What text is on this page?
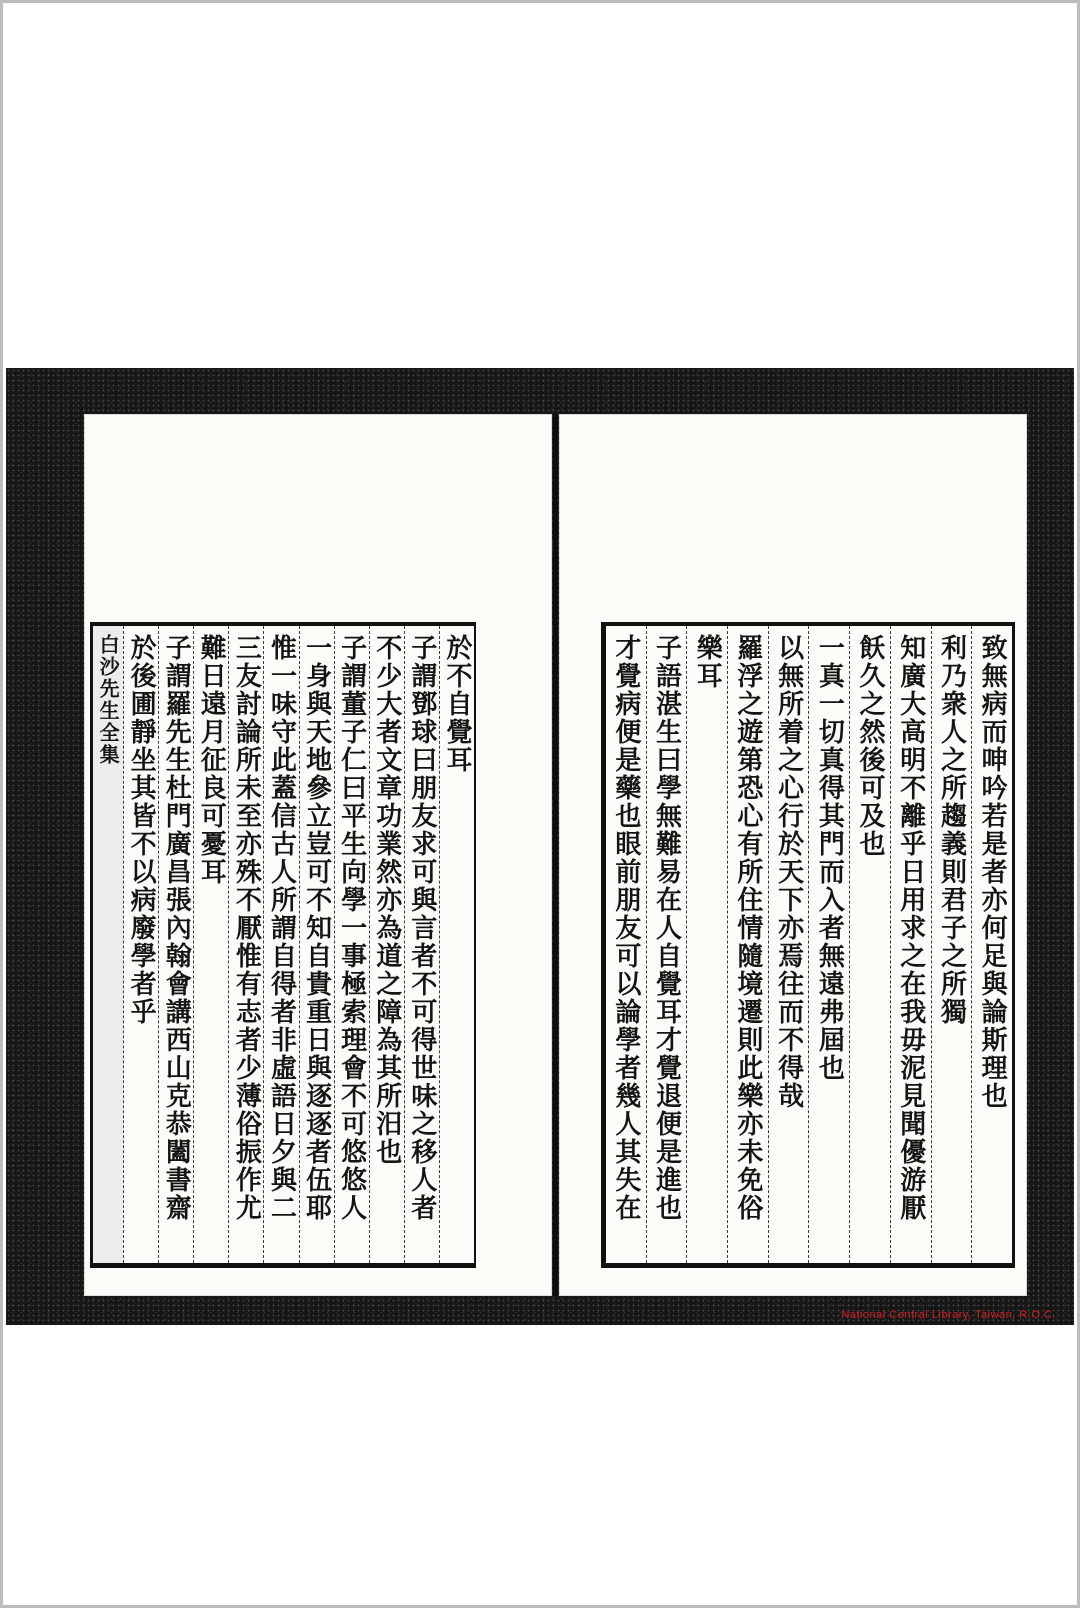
於不自覺耳
子謂鄧球曰朋友求可與言者不可得世味之移人者
不少大者文章功業然亦為道之障為其所汨也
子謂董子仁曰平生向學一事極索理會不可悠悠人
一身與天地參立豈可不知自貴重日與逐逐者伍耶
惟一味守此蓋信古人所謂自得者非虛語日夕與二
三友討論所未至亦殊不厭惟有志者少薄俗振作尤
難日遠月征良可憂耳
子謂羅先生杜門廣昌張內翰會講西山克恭闔書齋
於後圃靜坐其皆不以病廢學者乎
白沙先生全集	致無病而呻吟若是者亦何足與論斯理也
利乃衆人之所趨義則君子之所獨
知廣大高明不離乎日用求之在我毋泥見聞優游厭
飫久之然後可及也
一真一切真得其門而入者無遠弗屆也
以無所着之心行於天下亦焉往而不得哉
羅浮之遊第恐心有所住情隨境遷則此樂亦未免俗
樂耳
子語湛生曰學無難易在人自覺耳才覺退便是進也
才覺病便是藥也眼前朋友可以論學者幾人其失在
National Central Library, Taiwan, R.O.C.
